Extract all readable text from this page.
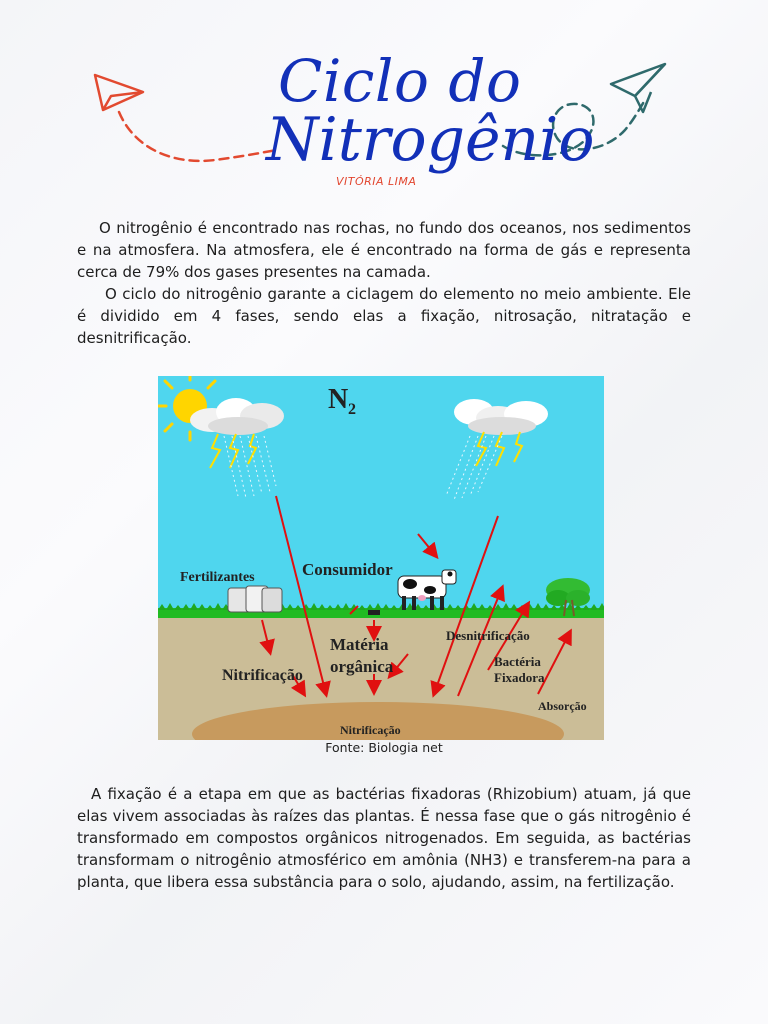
Ciclo do
Nitrogênio
VITÓRIA LIMA

O nitrogênio é encontrado nas rochas, no fundo dos oceanos, nos sedimentos e na atmosfera. Na atmosfera, ele é encontrado na forma de gás e representa cerca de 79% dos gases presentes na camada.

O ciclo do nitrogênio garante a ciclagem do elemento no meio ambiente. Ele é dividido em 4 fases, sendo elas a fixação, nitrosação, nitratação e desnitrificação.

N 2
Fertilizantes	Consumidor
Matéria
orgânica
Nitrificação
Desnitrificação
Bactéria
Fixadora
Absorção
Nitrificação
Fonte: Biologia net

A fixação é a etapa em que as bactérias fixadoras (Rhizobium) atuam, já que elas vivem associadas às raízes das plantas. É nessa fase que o gás nitrogênio é transformado em compostos orgânicos nitrogenados. Em seguida, as bactérias transformam o nitrogênio atmosférico em amônia (NH3) e transferem-na para a planta, que libera essa substância para o solo, ajudando, assim, na fertilização.
